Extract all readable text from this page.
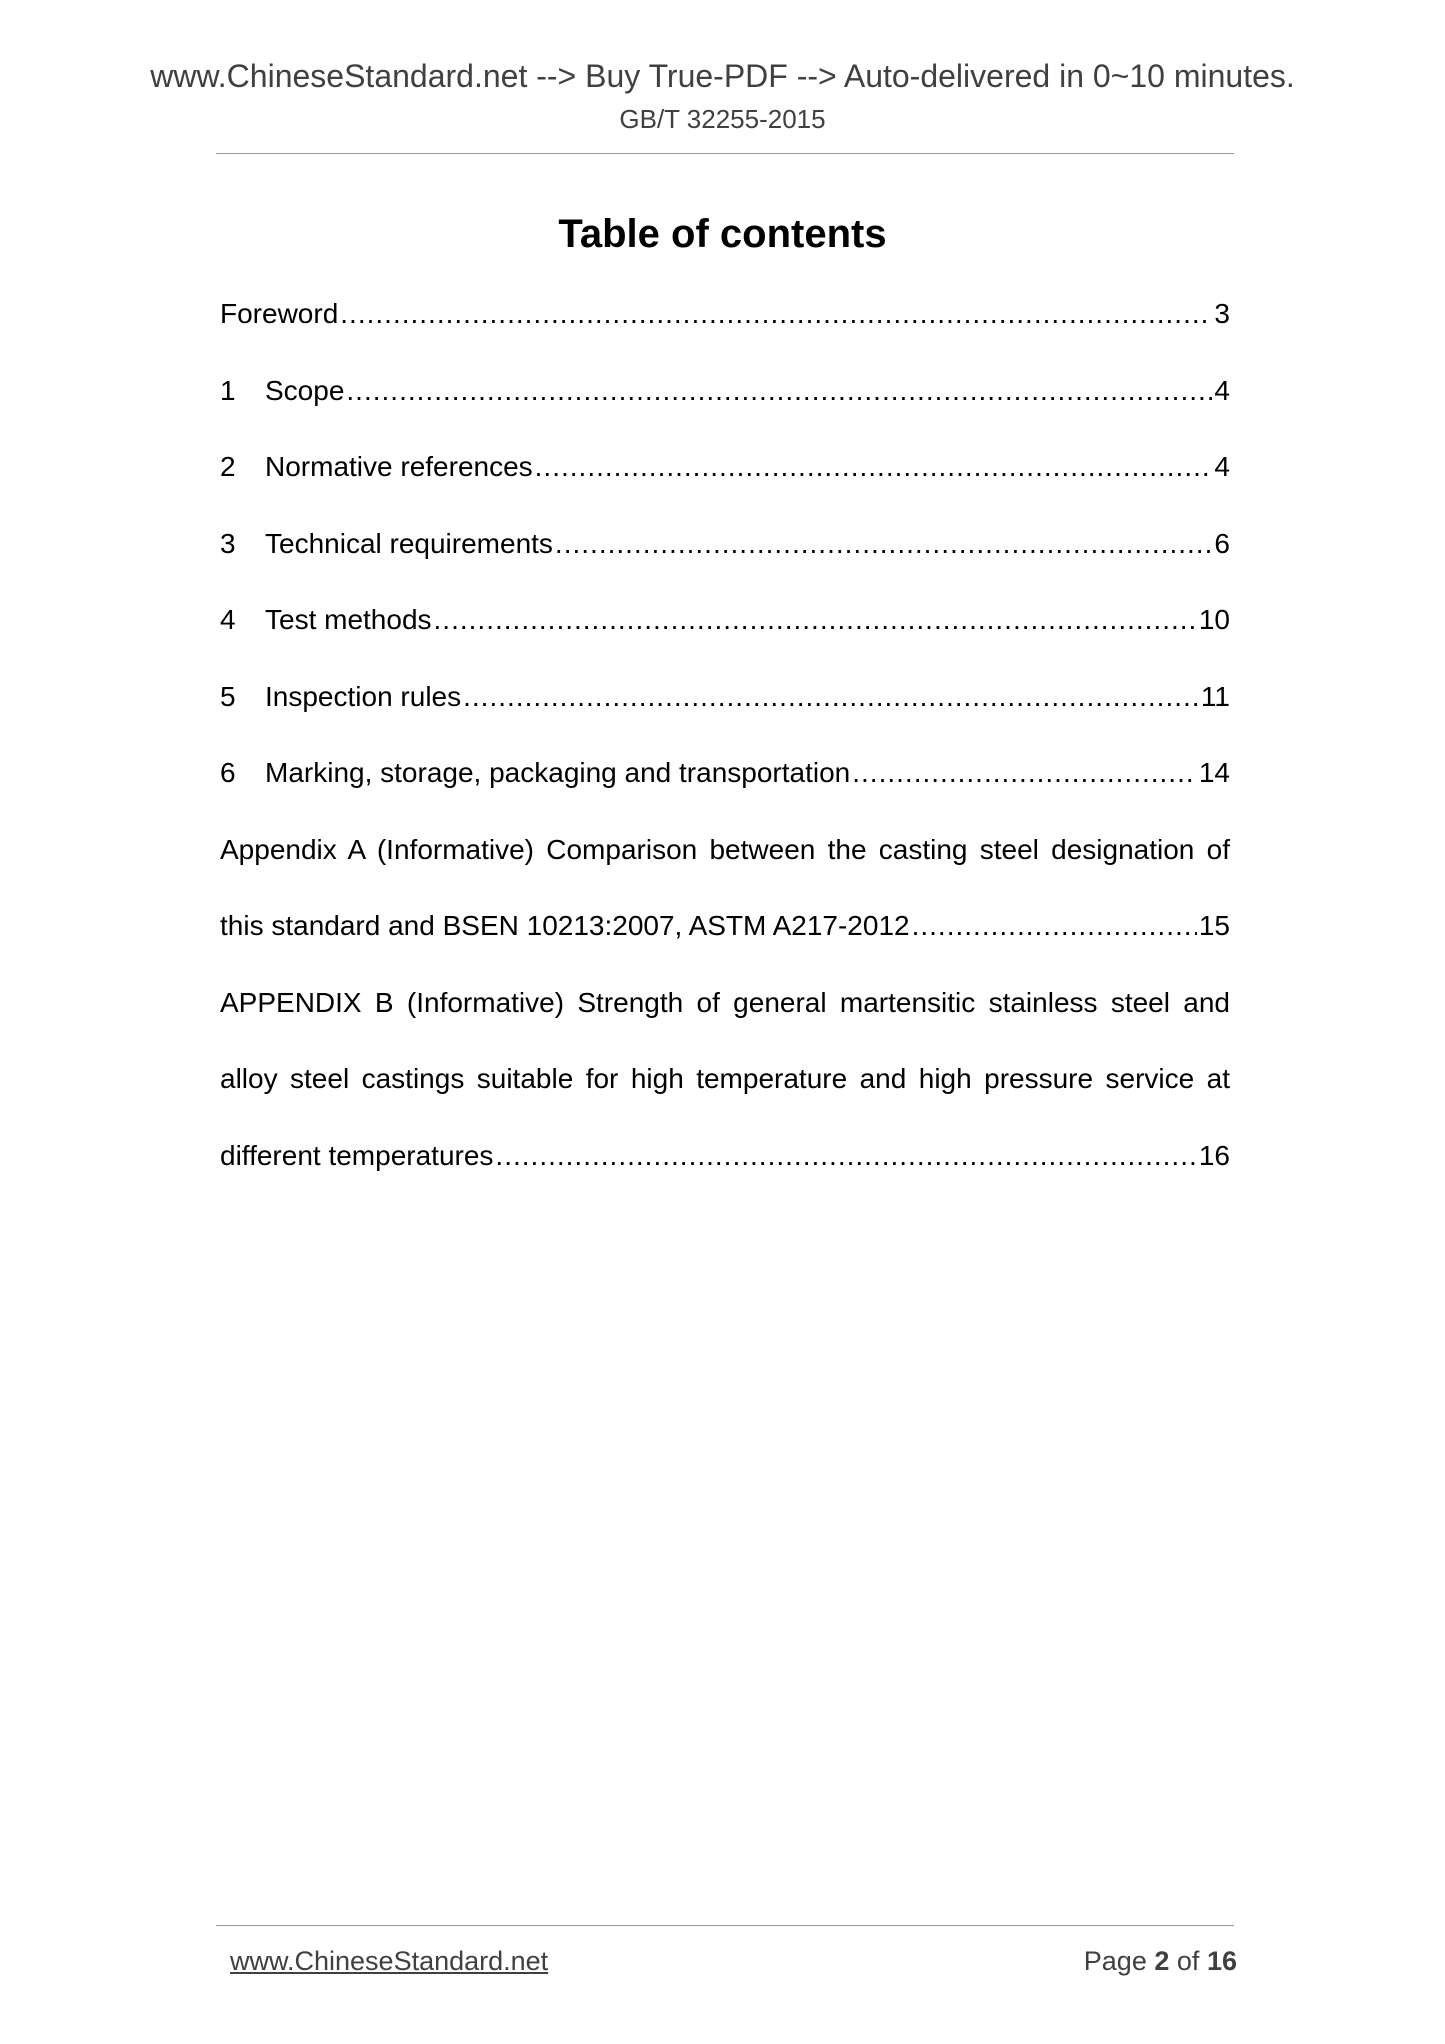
www.ChineseStandard.net --> Buy True-PDF --> Auto-delivered in 0~10 minutes.
GB/T 32255-2015
Table of contents
Foreword .....	3
1	Scope .....	4
2	Normative references .....	4
3	Technical requirements .....	6
4	Test methods .....	10
5	Inspection rules .....	11
6	Marking, storage, packaging and transportation .....	14
Appendix A (Informative) Comparison between the casting steel designation of
this standard and BSEN 10213:2007, ASTM A217-2012 .....	15
APPENDIX B (Informative) Strength of general martensitic stainless steel and
alloy steel castings suitable for high temperature and high pressure service at
different temperatures .....	16
www.ChineseStandard.net	Page 2 of 16
